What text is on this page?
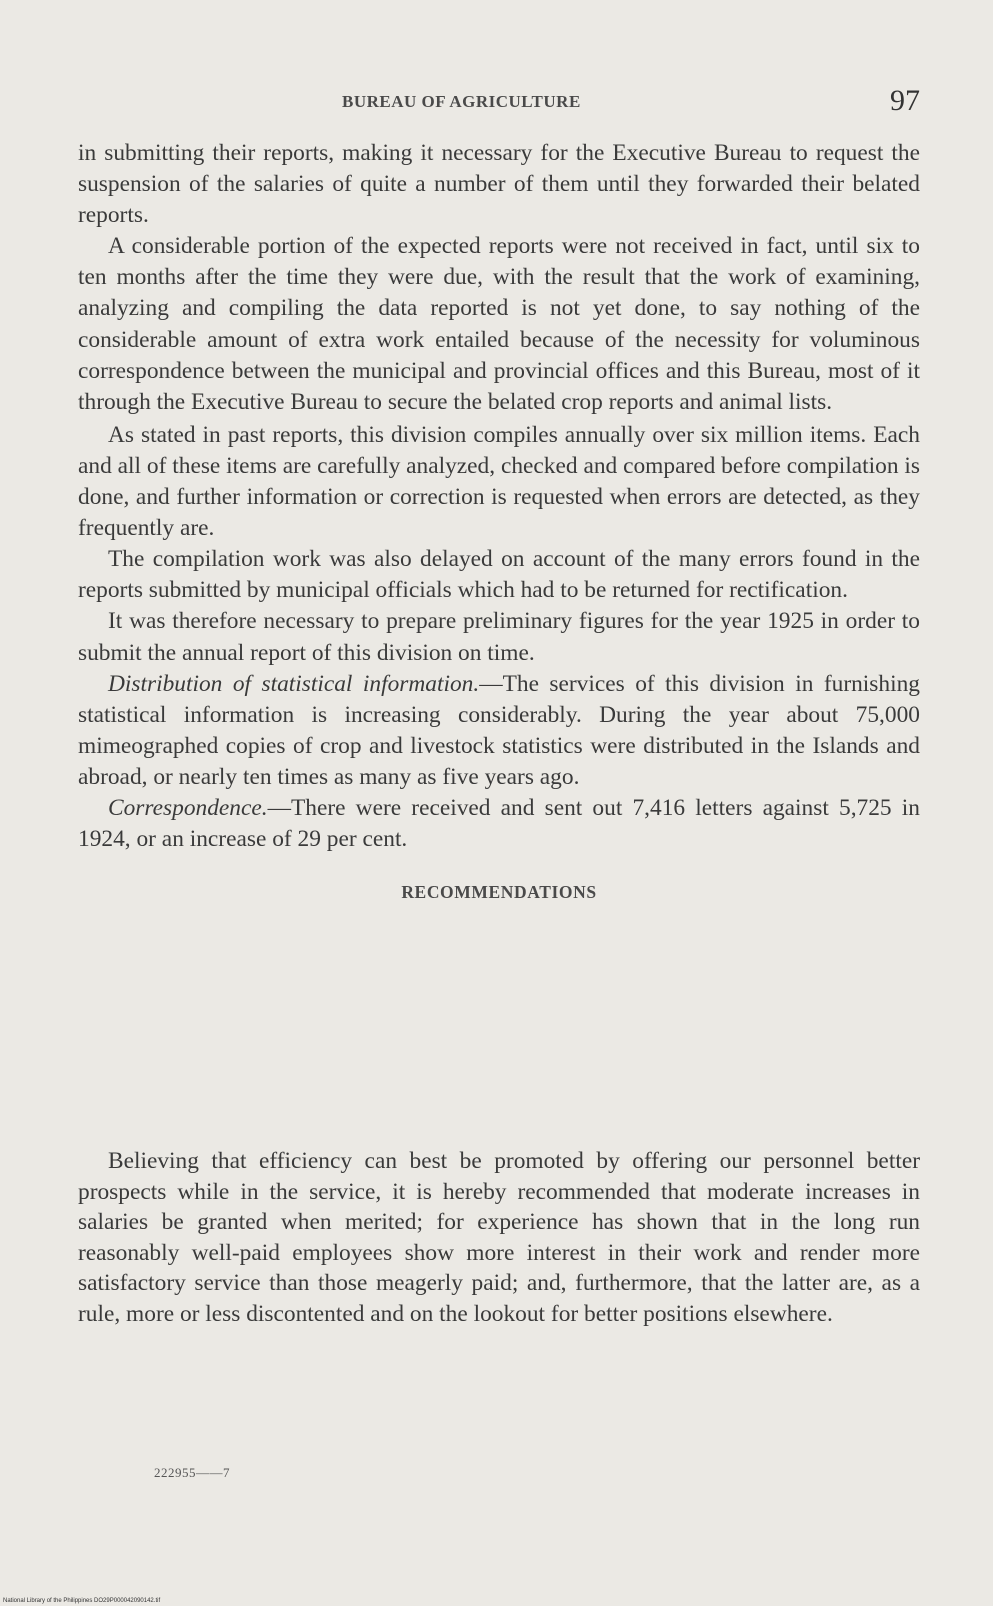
BUREAU OF AGRICULTURE	97

in submitting their reports, making it necessary for the Executive Bureau to request the suspension of the salaries of quite a number of them until they forwarded their belated reports.

A considerable portion of the expected reports were not received in fact, until six to ten months after the time they were due, with the result that the work of examining, analyzing and compiling the data reported is not yet done, to say nothing of the considerable amount of extra work entailed because of the necessity for voluminous correspondence between the municipal and provincial offices and this Bureau, most of it through the Executive Bureau to secure the belated crop reports and animal lists.

As stated in past reports, this division compiles annually over six million items. Each and all of these items are carefully analyzed, checked and compared before compilation is done, and further information or correction is requested when errors are detected, as they frequently are.

The compilation work was also delayed on account of the many errors found in the reports submitted by municipal officials which had to be returned for rectification.

It was therefore necessary to prepare preliminary figures for the year 1925 in order to submit the annual report of this division on time.

Distribution of statistical information.—The services of this division in furnishing statistical information is increasing considerably. During the year about 75,000 mimeographed copies of crop and livestock statistics were distributed in the Islands and abroad, or nearly ten times as many as five years ago.

Correspondence.—There were received and sent out 7,416 letters against 5,725 in 1924, or an increase of 29 per cent.

RECOMMENDATIONS

Believing that efficiency can best be promoted by offering our personnel better prospects while in the service, it is hereby recommended that moderate increases in salaries be granted when merited; for experience has shown that in the long run reasonably well-paid employees show more interest in their work and render more satisfactory service than those meagerly paid; and, furthermore, that the latter are, as a rule, more or less discontented and on the lookout for better positions elsewhere.

222955——7
National Library of the Philippines DO29P000042090142.tif
